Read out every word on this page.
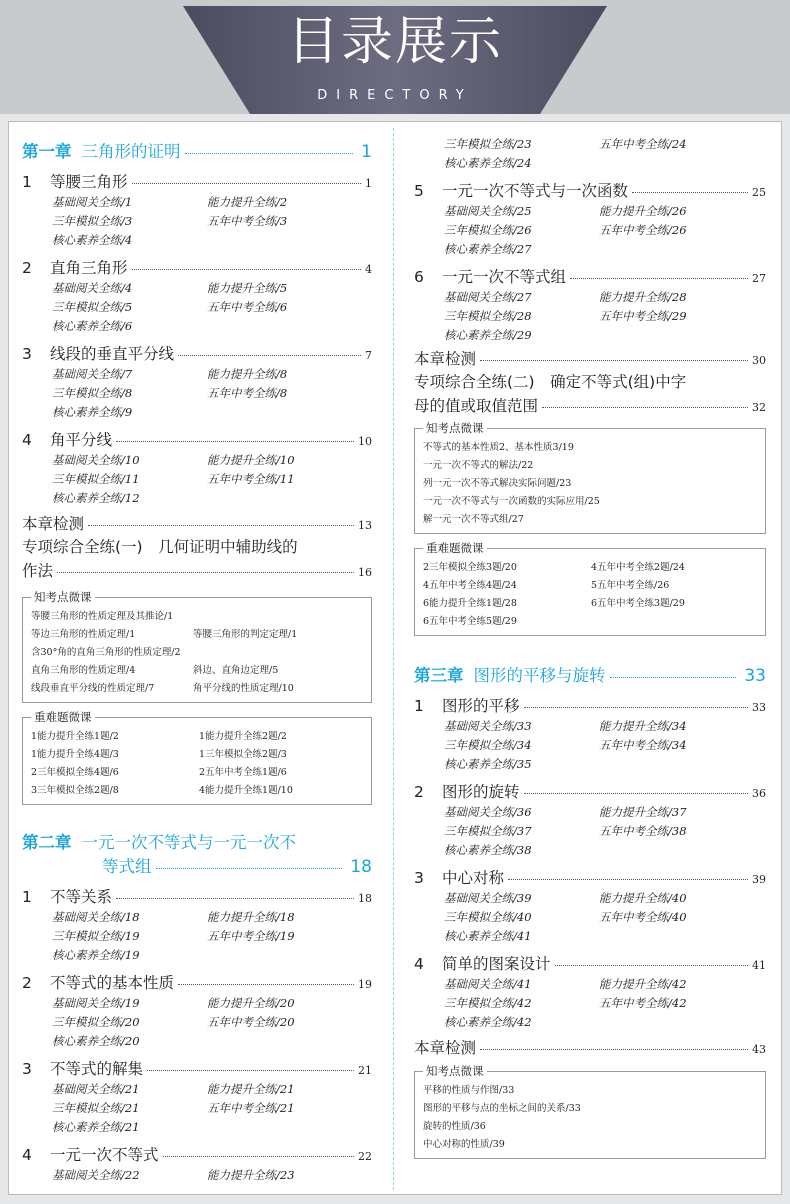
目录展示
DIRECTORY
第一章 三角形的证明	1
1	等腰三角形	1
基础阅关全练/1	能力提升全练/2
三年模拟全练/3	五年中考全练/3
核心素养全练/4
2	直角三角形	4
基础阅关全练/4	能力提升全练/5
三年模拟全练/5	五年中考全练/6
核心素养全练/6
3	线段的垂直平分线	7
基础阅关全练/7	能力提升全练/8
三年模拟全练/8	五年中考全练/8
核心素养全练/9
4	角平分线	10
基础阅关全练/10	能力提升全练/10
三年模拟全练/11	五年中考全练/11
核心素养全练/12
本章检测	13
专项综合全练(一)　几何证明中辅助线的
作法	16
知考点微课
等腰三角形的性质定理及其推论/1
等边三角形的性质定理/1	等腰三角形的判定定理/1
含30°角的直角三角形的性质定理/2
直角三角形的性质定理/4	斜边、直角边定理/5
线段垂直平分线的性质定理/7	角平分线的性质定理/10
重难题微课
1能力提升全练1题/2	1能力提升全练2题/2
1能力提升全练4题/3	1三年模拟全练2题/3
2三年模拟全练4题/6	2五年中考全练1题/6
3三年模拟全练2题/8	4能力提升全练1题/10
第二章 一元一次不等式与一元一次不
等式组	18
1	不等关系	18
基础阅关全练/18	能力提升全练/18
三年模拟全练/19	五年中考全练/19
核心素养全练/19
2	不等式的基本性质	19
基础阅关全练/19	能力提升全练/20
三年模拟全练/20	五年中考全练/20
核心素养全练/20
3	不等式的解集	21
基础阅关全练/21	能力提升全练/21
三年模拟全练/21	五年中考全练/21
核心素养全练/21
4	一元一次不等式	22
基础阅关全练/22	能力提升全练/23
三年模拟全练/23	五年中考全练/24
核心素养全练/24
5	一元一次不等式与一次函数	25
基础阅关全练/25	能力提升全练/26
三年模拟全练/26	五年中考全练/26
核心素养全练/27
6	一元一次不等式组	27
基础阅关全练/27	能力提升全练/28
三年模拟全练/28	五年中考全练/29
核心素养全练/29
本章检测	30
专项综合全练(二)　确定不等式(组)中字
母的值或取值范围	32
知考点微课
不等式的基本性质2、基本性质3/19
一元一次不等式的解法/22
列一元一次不等式解决实际问题/23
一元一次不等式与一次函数的实际应用/25
解一元一次不等式组/27
重难题微课
2三年模拟全练3题/20	4五年中考全练2题/24
4五年中考全练4题/24	5五年中考全练/26
6能力提升全练1题/28	6五年中考全练3题/29
6五年中考全练5题/29
第三章 图形的平移与旋转	33
1	图形的平移	33
基础阅关全练/33	能力提升全练/34
三年模拟全练/34	五年中考全练/34
核心素养全练/35
2	图形的旋转	36
基础阅关全练/36	能力提升全练/37
三年模拟全练/37	五年中考全练/38
核心素养全练/38
3	中心对称	39
基础阅关全练/39	能力提升全练/40
三年模拟全练/40	五年中考全练/40
核心素养全练/41
4	简单的图案设计	41
基础阅关全练/41	能力提升全练/42
三年模拟全练/42	五年中考全练/42
核心素养全练/42
本章检测	43
知考点微课
平移的性质与作图/33
图形的平移与点的坐标之间的关系/33
旋转的性质/36
中心对称的性质/39
